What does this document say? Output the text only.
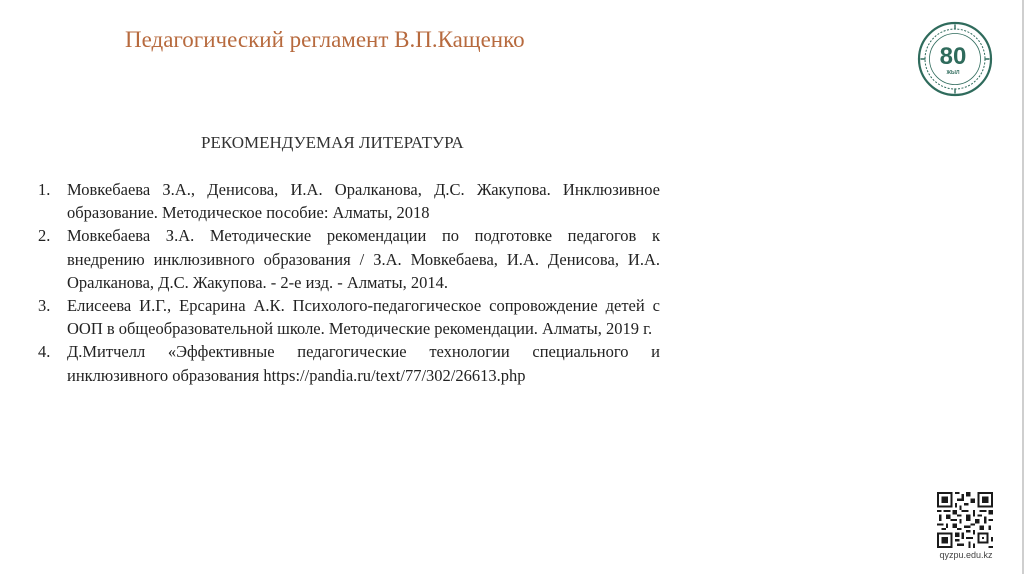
Педагогический регламент В.П.Кащенко
80
ЖЫЛ
РЕКОМЕНДУЕМАЯ ЛИТЕРАТУРА
1.	Мовкебаева З.А., Денисова, И.А. Оралканова, Д.С. Жакупова. Инклюзивное образование. Методическое пособие: Алматы, 2018
2.	Мовкебаева З.А. Методические рекомендации по подготовке педагогов к внедрению инклюзивного образования / З.А. Мовкебаева, И.А. Денисова, И.А. Оралканова, Д.С. Жакупова. - 2-е изд. - Алматы, 2014.
3.	Елисеева И.Г., Ерсарина А.К. Психолого-педагогическое сопровождение детей с ООП в общеобразовательной школе. Методические рекомендации. Алматы, 2019 г.
4.	Д.Митчелл «Эффективные педагогические технологии специального и инклюзивного образования https://pandia.ru/text/77/302/26613.php
qyzpu.edu.kz
